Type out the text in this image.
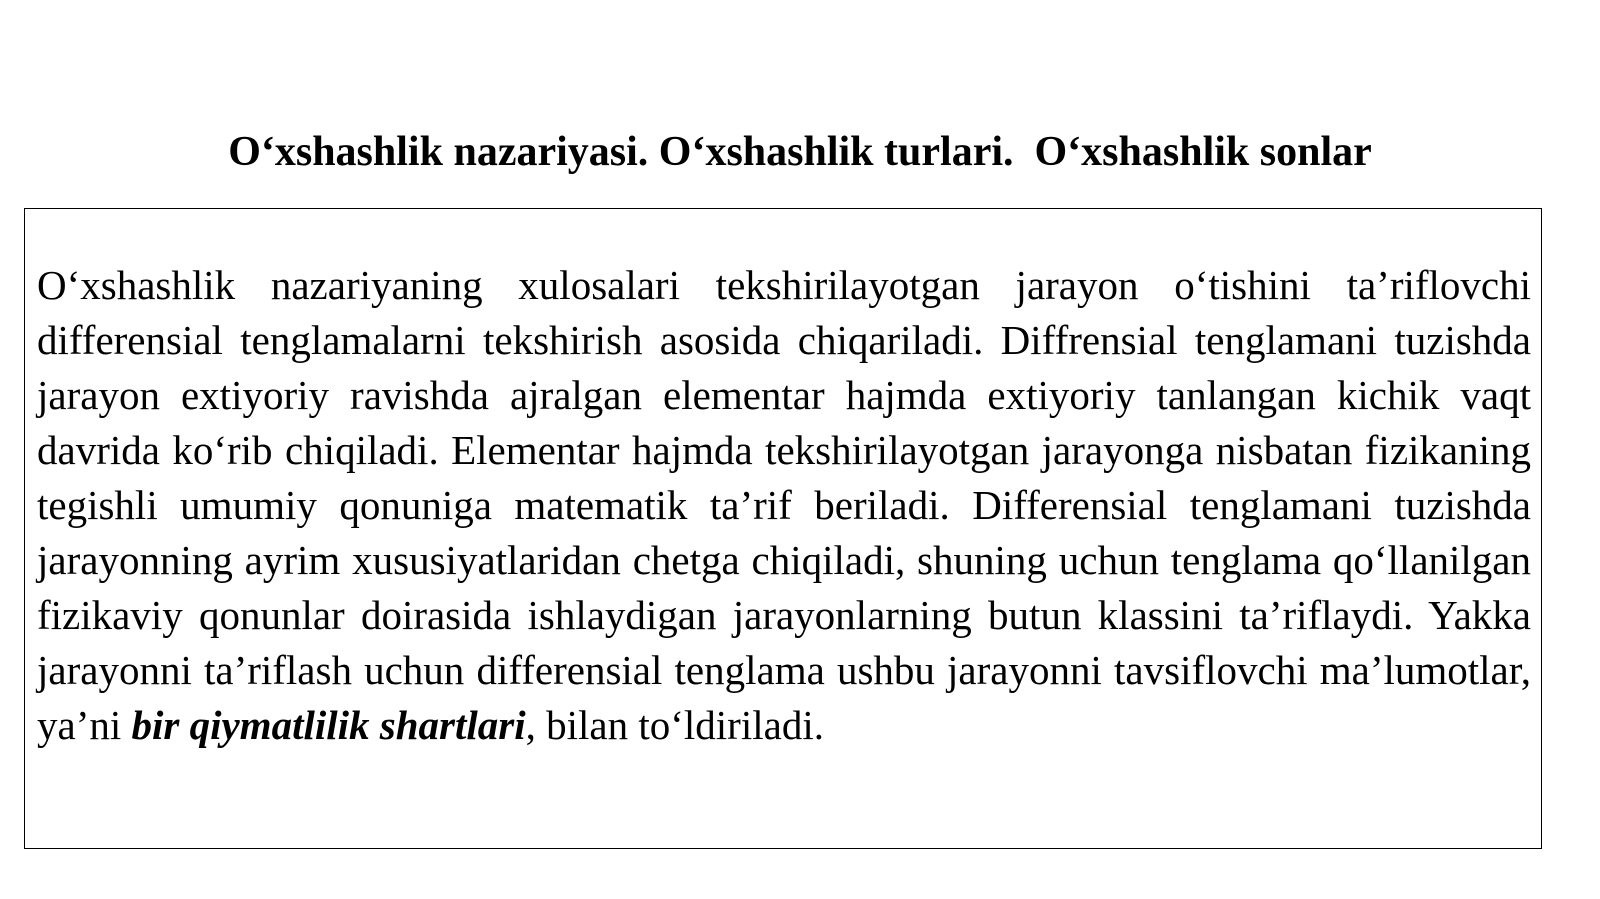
O‘xshashlik nazariyasi. O‘xshashlik turlari.  O‘xshashlik sonlar

O‘xshashlik nazariyaning xulosalari tekshirilayotgan jarayon o‘tishini ta’riflovchi differensial tenglamalarni tekshirish asosida chiqariladi. Diffrensial tenglamani tuzishda jarayon extiyoriy ravishda ajralgan elementar hajmda extiyoriy tanlangan kichik vaqt davrida ko‘rib chiqiladi. Elementar hajmda tekshirilayotgan jarayonga nisbatan fizikaning tegishli umumiy qonuniga matematik ta’rif beriladi. Differensial tenglamani tuzishda jarayonning ayrim xususiyatlaridan chetga chiqiladi, shuning uchun tenglama qo‘llanilgan fizikaviy qonunlar doirasida ishlaydigan jarayonlarning butun klassini ta’riflaydi. Yakka jarayonni ta’riflash uchun differensial tenglama ushbu jarayonni tavsiflovchi ma’lumotlar, ya’ni bir qiymatlilik shartlari, bilan to‘ldiriladi.
